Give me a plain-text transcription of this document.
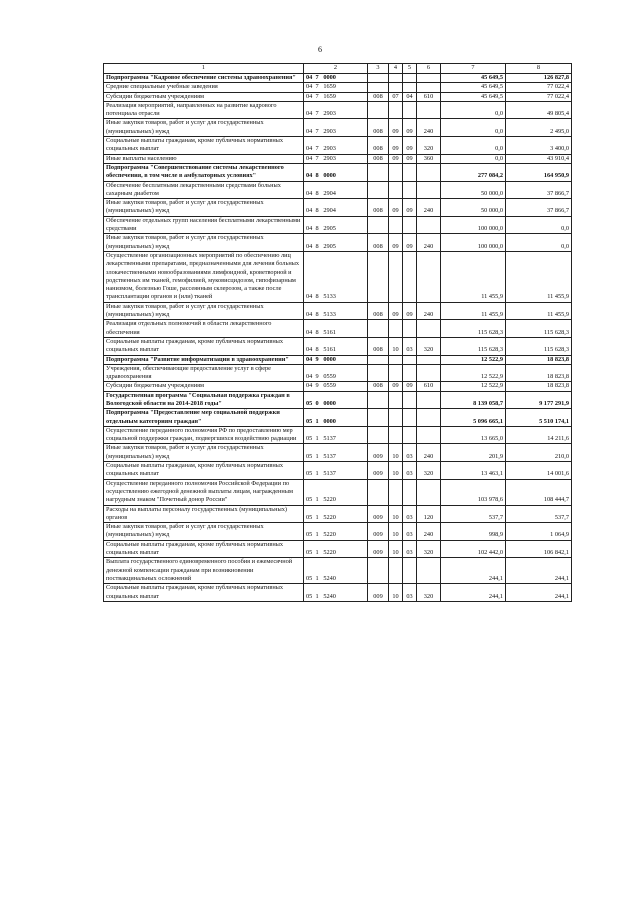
6
1	2	3	4	5	6	7	8
Подпрограмма "Кадровое обеспечение системы здравоохранения"	04  7   0000					45 649,5	126 827,8
Средние специальные учебные заведения	04  7   1659					45 649,5	77 022,4
Субсидии бюджетным учреждениям	04  7   1659	008	07	04	610	45 649,5	77 022,4
Реализация мероприятий, направленных на развитие кадрового потенциала отрасли	04  7   2903					0,0	49 805,4
Иные закупки товаров, работ и услуг для государственных (муниципальных) нужд	04  7   2903	008	09	09	240	0,0	2 495,0
Социальные выплаты гражданам, кроме публичных нормативных социальных выплат	04  7   2903	008	09	09	320	0,0	3 400,0
Иные выплаты населению	04  7   2903	008	09	09	360	0,0	43 910,4
Подпрограмма "Совершенствование системы лекарственного обеспечения, в том числе в амбулаторных условиях"	04  8   0000					277 084,2	164 950,9
Обеспечение бесплатными лекарственными средствами больных сахарным диабетом	04  8   2904					50 000,0	37 866,7
Иные закупки товаров, работ и услуг для государственных (муниципальных) нужд	04  8   2904	008	09	09	240	50 000,0	37 866,7
Обеспечение отдельных групп населения бесплатными лекарственными средствами	04  8   2905					100 000,0	0,0
Иные закупки товаров, работ и услуг для государственных (муниципальных) нужд	04  8   2905	008	09	09	240	100 000,0	0,0
Осуществление организационных мероприятий по обеспечению лиц лекарственными препаратами, предназначенными для лечения больных злокачественными новообразованиями лимфоидной, кроветворной и родственных им тканей, гемофилией, муковисцидозом, гипофизарным нанизмом, болезнью Гоше, рассеянным склерозом, а также после трансплантации органов и (или) тканей	04  8   5133					11 455,9	11 455,9
Иные закупки товаров, работ и услуг для государственных (муниципальных) нужд	04  8   5133	008	09	09	240	11 455,9	11 455,9
Реализация отдельных полномочий в области лекарственного обеспечения	04  8   5161					115 628,3	115 628,3
Социальные выплаты гражданам, кроме публичных нормативных социальных выплат	04  8   5161	008	10	03	320	115 628,3	115 628,3
Подпрограмма "Развитие информатизации в здравоохранении"	04  9   0000					12 522,9	18 823,8
Учреждения, обеспечивающие предоставление услуг в сфере здравоохранения	04  9   0559					12 522,9	18 823,8
Субсидии бюджетным учреждениям	04  9   0559	008	09	09	610	12 522,9	18 823,8
Государственная программа "Социальная поддержка граждан в Вологодской области на 2014-2018 годы"	05  0   0000					8 139 058,7	9 177 291,9
Подпрограмма "Предоставление мер социальной поддержки отдельным категориям граждан"	05  1   0000					5 096 665,1	5 510 174,1
Осуществление переданного полномочия РФ по предоставлению мер социальной поддержки граждан, подвергшихся воздействию радиации	05  1   5137					13 665,0	14 211,6
Иные закупки товаров, работ и услуг для государственных (муниципальных) нужд	05  1   5137	009	10	03	240	201,9	210,0
Социальные выплаты гражданам, кроме публичных нормативных социальных выплат	05  1   5137	009	10	03	320	13 463,1	14 001,6
Осуществление переданного полномочия Российской Федерации по осуществлению ежегодной денежной выплаты лицам, награжденным нагрудным знаком "Почетный донор России"	05  1   5220					103 978,6	108 444,7
Расходы на выплаты персоналу государственных (муниципальных) органов	05  1   5220	009	10	03	120	537,7	537,7
Иные закупки товаров, работ и услуг для государственных (муниципальных) нужд	05  1   5220	009	10	03	240	998,9	1 064,9
Социальные выплаты гражданам, кроме публичных нормативных социальных выплат	05  1   5220	009	10	03	320	102 442,0	106 842,1
Выплата государственного единовременного пособия и ежемесячной денежной компенсации гражданам при возникновении поствакцинальных осложнений	05  1   5240					244,1	244,1
Социальные выплаты гражданам, кроме публичных нормативных социальных выплат	05  1   5240	009	10	03	320	244,1	244,1
